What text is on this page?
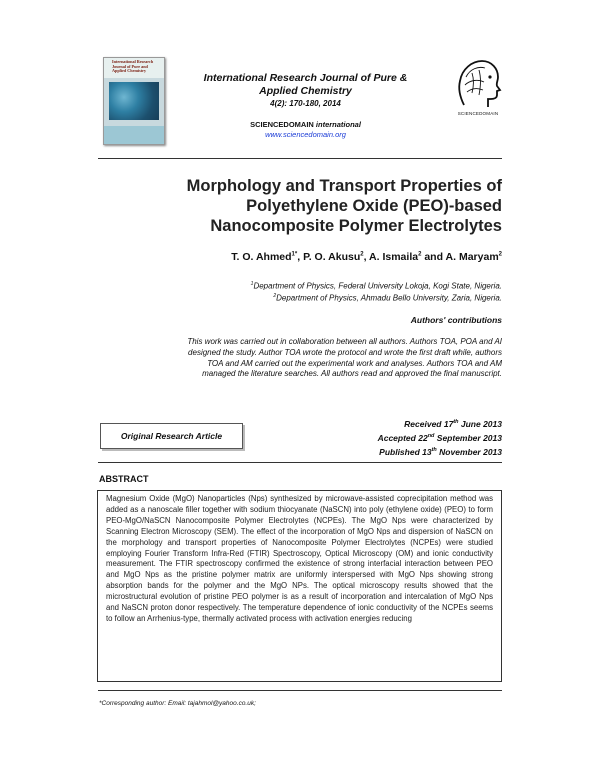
International Research
Journal of Pure and
Applied Chemistry
International Research Journal of Pure &
Applied Chemistry
4(2): 170-180, 2014
SCIENCEDOMAIN international
www.sciencedomain.org
SCIENCEDOMAIN
Morphology and Transport Properties of
Polyethylene Oxide (PEO)-based
Nanocomposite Polymer Electrolytes
T. O. Ahmed$^{1*}$, P. O. Akusu$^2$, A. Ismaila$^2$ and A. Maryam$^2$
$^1$Department of Physics, Federal University Lokoja, Kogi State, Nigeria.
$^2$Department of Physics, Ahmadu Bello University, Zaria, Nigeria.
Authors' contributions
This work was carried out in collaboration between all authors. Authors TOA, POA and AI
designed the study. Author TOA wrote the protocol and wrote the first draft while, authors
TOA and AM carried out the experimental work and analyses. Authors TOA and AM
managed the literature searches. All authors read and approved the final manuscript.
Original Research Article
Received 17th June 2013
Accepted 22nd September 2013
Published 13th November 2013
ABSTRACT
Magnesium Oxide (MgO) Nanoparticles (Nps) synthesized by microwave-assisted coprecipitation method was added as a nanoscale filler together with sodium thiocyanate (NaSCN) into poly (ethylene oxide) (PEO) to form PEO-MgO/NaSCN Nanocomposite Polymer Electrolytes (NCPEs). The MgO Nps were characterized by Scanning Electron Microscopy (SEM). The effect of the incorporation of MgO Nps and dispersion of NaSCN on the morphology and transport properties of Nanocomposite Polymer Electrolytes (NCPEs) were studied employing Fourier Transform Infra-Red (FTIR) Spectroscopy, Optical Microscopy (OM) and ionic conductivity measurement. The FTIR spectroscopy confirmed the existence of strong interfacial interaction between PEO and MgO Nps as the pristine polymer matrix are uniformly interspersed with MgO Nps showing strong absorption bands for the polymer and the MgO NPs. The optical microscopy results showed that the microstructural evolution of pristine PEO polymer is as a result of incorporation and intercalation of MgO Nps and NaSCN proton donor respectively. The temperature dependence of ionic conductivity of the NCPEs seems to follow an Arrhenius-type, thermally activated process with activation energies reducing
*Corresponding author: Email: tajahmol@yahoo.co.uk;
